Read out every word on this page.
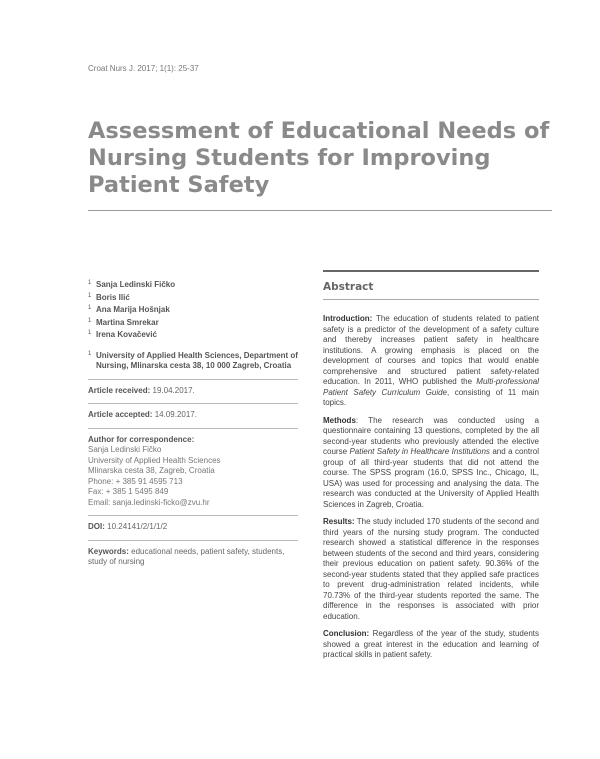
Croat Nurs J. 2017; 1(1): 25-37
Assessment of Educational Needs of Nursing Students for Improving Patient Safety
1 Sanja Ledinski Fičko
1 Boris Ilić
1 Ana Marija Hošnjak
1 Martina Smrekar
1 Irena Kovačević
1 University of Applied Health Sciences, Department of Nursing, Mlinarska cesta 38, 10 000 Zagreb, Croatia
Article received: 19.04.2017.
Article accepted: 14.09.2017.
Author for correspondence:
Sanja Ledinski Fičko
University of Applied Health Sciences
Mlinarska cesta 38, Zagreb, Croatia
Phone: + 385 91 4595 713
Fax: + 385 1 5495 849
Email: sanja.ledinski-ficko@zvu.hr
DOI: 10.24141/2/1/1/2
Keywords: educational needs, patient safety, students, study of nursing
Abstract

Introduction: The education of students related to patient safety is a predictor of the development of a safety culture and thereby increases patient safety in healthcare institutions. A growing emphasis is placed on the development of courses and topics that would enable comprehensive and structured patient safety-related education. In 2011, WHO published the Multi-professional Patient Safety Curriculum Guide, consisting of 11 main topics.

Methods: The research was conducted using a questionnaire containing 13 questions, completed by the all second-year students who previously attended the elective course Patient Safety in Healthcare Institutions and a control group of all third-year students that did not attend the course. The SPSS program (16.0, SPSS Inc., Chicago, IL, USA) was used for processing and analysing the data. The research was conducted at the University of Applied Health Sciences in Zagreb, Croatia.

Results: The study included 170 students of the second and third years of the nursing study program. The conducted research showed a statistical difference in the responses between students of the second and third years, considering their previous education on patient safety. 90.36% of the second-year students stated that they applied safe practices to prevent drug-administration related incidents, while 70.73% of the third-year students reported the same. The difference in the responses is associated with prior education.

Conclusion: Regardless of the year of the study, students showed a great interest in the education and learning of practical skills in patient safety.
